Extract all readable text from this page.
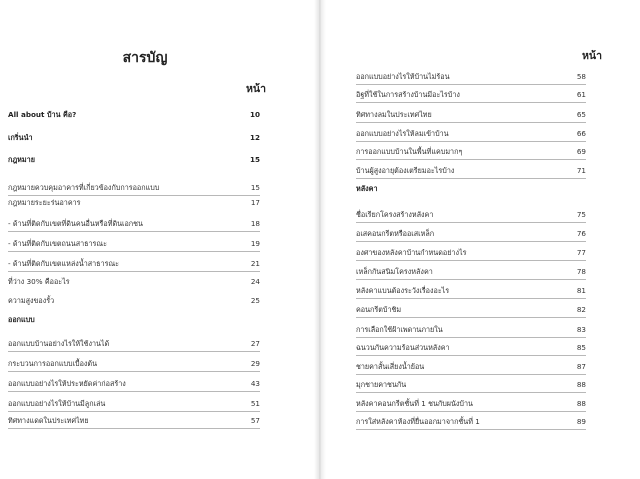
สารบัญ
หน้า
All about บ้าน คือ?	10
เกริ่นนำ	12
กฎหมาย	15
กฎหมายควบคุมอาคารที่เกี่ยวข้องกับการออกแบบ	15
กฎหมายระยะร่นอาคาร	17
- ด้านที่ติดกับเขตที่ดินคนอื่นหรือที่ดินเอกชน	18
- ด้านที่ติดกับเขตถนนสาธารณะ	19
- ด้านที่ติดกับเขตแหล่งน้ำสาธารณะ	21
ที่ว่าง 30% คืออะไร	24
ความสูงของรั้ว	25
ออกแบบ
ออกแบบบ้านอย่างไรให้ใช้งานได้	27
กระบวนการออกแบบเบื้องต้น	29
ออกแบบอย่างไรให้ประหยัดค่าก่อสร้าง	43
ออกแบบอย่างไรให้บ้านมีลูกเล่น	51
ทิศทางแดดในประเทศไทย	57
หน้า
ออกแบบอย่างไรให้บ้านไม่ร้อน	58
อิฐที่ใช้ในการสร้างบ้านมีอะไรบ้าง	61
ทิศทางลมในประเทศไทย	65
ออกแบบอย่างไรให้ลมเข้าบ้าน	66
การออกแบบบ้านในพื้นที่แคบมากๆ	69
บ้านผู้สูงอายุต้องเตรียมอะไรบ้าง	71
หลังคา
ชื่อเรียกโครงสร้างหลังคา	75
อเสคอนกรีตหรืออเสเหล็ก	76
องศาของหลังคาบ้านกำหนดอย่างไร	77
เหล็กกันสนิมโครงหลังคา	78
หลังคาแบนต้องระวังเรื่องอะไร	81
คอนกรีตบ้าชิม	82
การเลือกใช้ฝ้าเพดานภายใน	83
ฉนวนกันความร้อนส่วนหลังคา	85
ชายคาสั้นเสี่ยงน้ำย้อน	87
มุกชายคาชนกัน	88
หลังคาคอนกรีตชั้นที่ 1 ชนกับผนังบ้าน	88
การใส่หลังคาห้องที่ยื่นออกมาจากชั้นที่ 1	89
